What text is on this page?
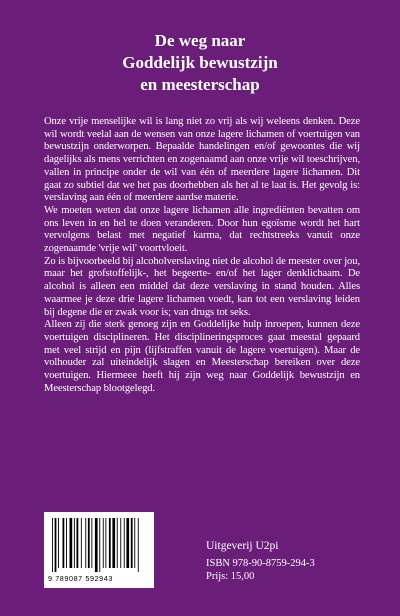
De weg naar
Goddelijk bewustzijn
en meesterschap

Onze vrije menselijke wil is lang niet zo vrij als wij weleens denken. Deze wil wordt veelal aan de wensen van onze lagere lichamen of voertuigen van bewustzijn onderworpen. Bepaalde handelingen en/of gewoontes die wij dagelijks als mens verrichten en zogenaamd aan onze vrije wil toeschrijven, vallen in principe onder de wil van één of meerdere lagere lichamen. Dit gaat zo subtiel dat we het pas doorhebben als het al te laat is. Het gevolg is: verslaving aan één of meerdere aardse materie.

We moeten weten dat onze lagere lichamen alle ingrediënten bevatten om ons leven in en hel te doen veranderen. Door hun egoïsme wordt het hart vervolgens belast met negatief karma, dat rechtstreeks vanuit onze zogenaamde 'vrije wil' voortvloeit.

Zo is bijvoorbeeld bij alcoholverslaving niet de alcohol de meester over jou, maar het grofstoffelijk-, het begeerte- en/of het lager denklichaam. De alcohol is alleen een middel dat deze verslaving in stand houden. Alles waarmee je deze drie lagere lichamen voedt, kan tot een verslaving leiden bij degene die er zwak voor is; van drugs tot seks.

Alleen zij die sterk genoeg zijn en Goddelijke hulp inroepen, kunnen deze voertuigen disciplineren. Het disciplineringsproces gaat meestal gepaard met veel strijd en pijn (lijfstraffen vanuit de lagere voertuigen). Maar de volhouder zal uiteindelijk slagen en Meesterschap bereiken over deze voertuigen. Hiermeee heeft hij zijn weg naar Goddelijk bewustzijn en Meesterschap blootgelegd.

9 789087 592943
Uitgeverij U2pi
ISBN 978-90-8759-294-3
Prijs: 15,00
